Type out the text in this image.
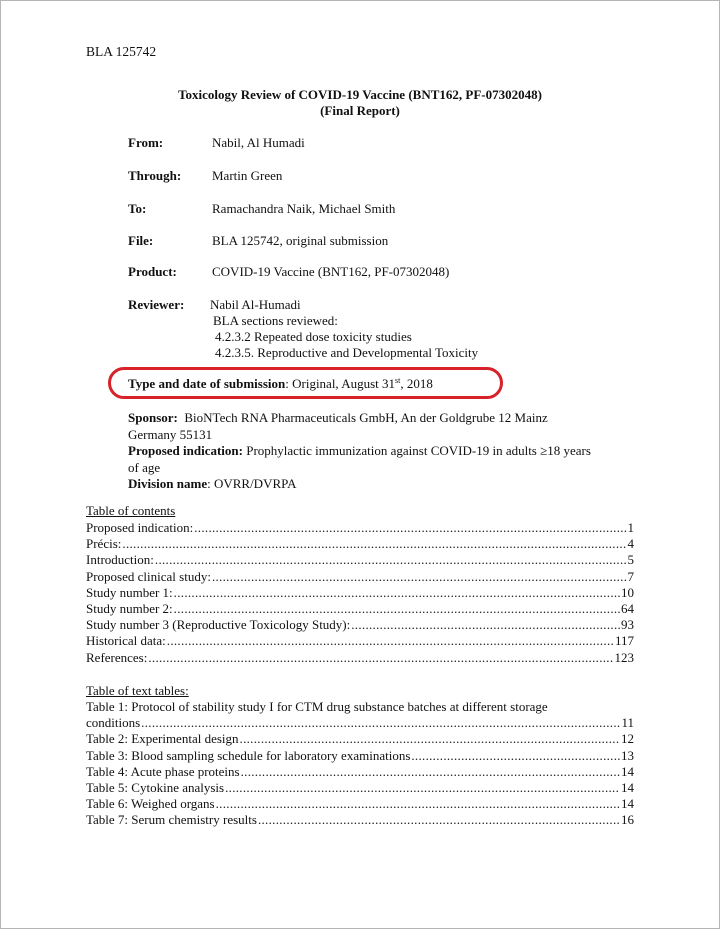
BLA 125742
Toxicology Review of COVID-19 Vaccine (BNT162, PF-07302048)
(Final Report)
From:	Nabil, Al Humadi
Through: Martin Green
To:	Ramachandra Naik, Michael Smith
File:	BLA 125742, original submission
Product:	COVID-19 Vaccine (BNT162, PF-07302048)
Reviewer: Nabil Al-Humadi
BLA sections reviewed:
4.2.3.2 Repeated dose toxicity studies
4.2.3.5. Reproductive and Developmental Toxicity
Type and date of submission: Original, August 31st, 2018
Sponsor: BioNTech RNA Pharmaceuticals GmbH, An der Goldgrube 12 Mainz
Germany 55131
Proposed indication: Prophylactic immunization against COVID-19 in adults ≥18 years
of age
Division name: OVRR/DVRPA
Table of contents
Proposed indication: .....	1
Précis: .....	4
Introduction: .....	5
Proposed clinical study: .....	7
Study number 1: .....	10
Study number 2: .....	64
Study number 3 (Reproductive Toxicology Study): .....	93
Historical data: .....	117
References: .....	123
Table of text tables:
Table 1: Protocol of stability study I for CTM drug substance batches at different storage
conditions .....	11
Table 2: Experimental design .....	12
Table 3: Blood sampling schedule for laboratory examinations .....	13
Table 4: Acute phase proteins .....	14
Table 5: Cytokine analysis .....	14
Table 6: Weighed organs .....	14
Table 7: Serum chemistry results .....	16
